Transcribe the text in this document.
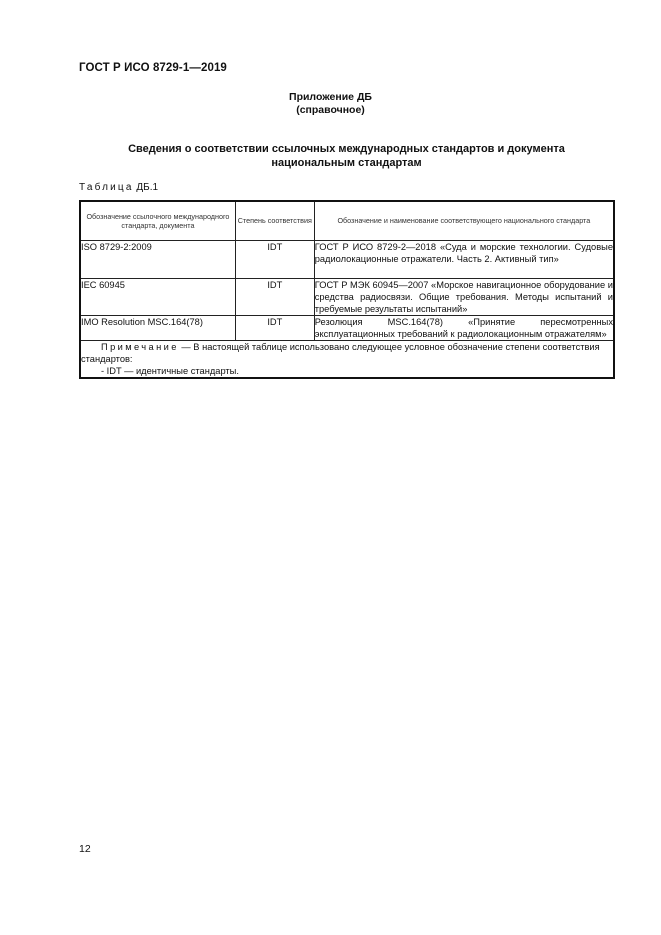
ГОСТ Р ИСО 8729-1—2019
Приложение ДБ
(справочное)
Сведения о соответствии ссылочных международных стандартов и документа
национальным стандартам
Таблица ДБ.1
Обозначение ссылочного международного стандарта, документа	Степень соответствия	Обозначение и наименование соответствующего национального стандарта
ISO 8729-2:2009	IDT	ГОСТ Р ИСО 8729-2—2018 «Суда и морские технологии. Судовые радиолокационные отражатели. Часть 2. Активный тип»
IEC 60945	IDT	ГОСТ Р МЭК 60945—2007 «Морское навигационное оборудование и средства радиосвязи. Общие требования. Методы испытаний и требуемые результаты испытаний»
IMO Resolution MSC.164(78)	IDT	Резолюция MSC.164(78) «Принятие пересмотренных эксплуатационных требований к радиолокационным отражателям»

Примечание — В настоящей таблице использовано следующее условное обозначение степени соответствия стандартов:
- IDT — идентичные стандарты.		
12
